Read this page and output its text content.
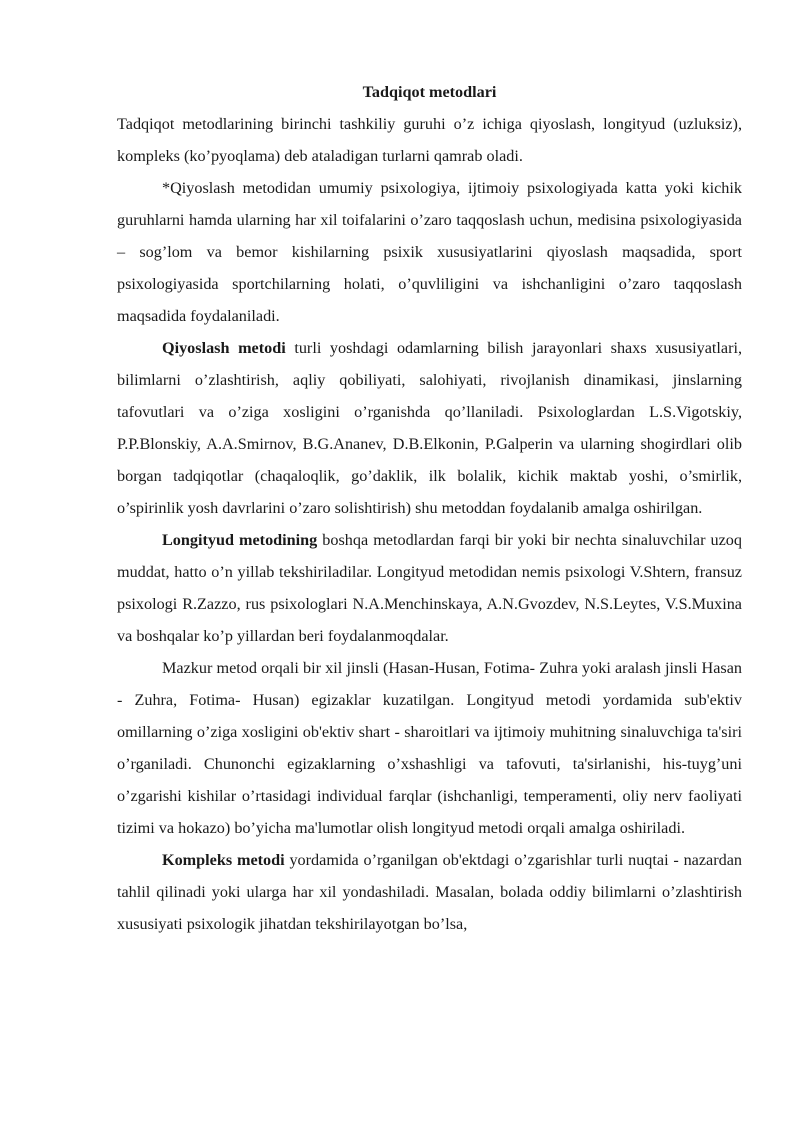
Tadqiqot metodlari

Tadqiqot metodlarining birinchi tashkiliy guruhi o’z ichiga qiyoslash, longityud (uzluksiz), kompleks (ko’pyoqlama) deb ataladigan turlarni qamrab oladi.

*Qiyoslash metodidan umumiy psixologiya, ijtimoiy psixologiyada katta yoki kichik guruhlarni hamda ularning har xil toifalarini o’zaro taqqoslash uchun, medisina psixologiyasida – sog’lom va bemor kishilarning psixik xususiyatlarini qiyoslash maqsadida, sport psixologiyasida sportchilarning holati, o’quvliligini va ishchanligini o’zaro taqqoslash maqsadida foydalaniladi.

Qiyoslash metodi turli yoshdagi odamlarning bilish jarayonlari shaxs xususiyatlari, bilimlarni o’zlashtirish, aqliy qobiliyati, salohiyati, rivojlanish dinamikasi, jinslarning tafovutlari va o’ziga xosligini o’rganishda qo’llaniladi. Psixologlardan L.S.Vigotskiy, P.P.Blonskiy, A.A.Smirnov, B.G.Ananev, D.B.Elkonin, P.Galperin va ularning shogirdlari olib borgan tadqiqotlar (chaqaloqlik, go’daklik, ilk bolalik, kichik maktab yoshi, o’smirlik, o’spirinlik yosh davrlarini o’zaro solishtirish) shu metoddan foydalanib amalga oshirilgan.

Longityud metodining boshqa metodlardan farqi bir yoki bir nechta sinaluvchilar uzoq muddat, hatto o’n yillab tekshiriladilar. Longityud metodidan nemis psixologi V.Shtern, fransuz psixologi R.Zazzo, rus psixologlari N.A.Menchinskaya, A.N.Gvozdev, N.S.Leytes, V.S.Muxina va boshqalar ko’p yillardan beri foydalanmoqdalar.

Mazkur metod orqali bir xil jinsli (Hasan-Husan, Fotima- Zuhra yoki aralash jinsli Hasan - Zuhra, Fotima- Husan) egizaklar kuzatilgan. Longityud metodi yordamida sub'ektiv omillarning o’ziga xosligini ob'ektiv shart - sharoitlari va ijtimoiy muhitning sinaluvchiga ta'siri o’rganiladi. Chunonchi egizaklarning o’xshashligi va tafovuti, ta'sirlanishi, his-tuyg’uni o’zgarishi kishilar o’rtasidagi individual farqlar (ishchanligi, temperamenti, oliy nerv faoliyati tizimi va hokazo) bo’yicha ma'lumotlar olish longityud metodi orqali amalga oshiriladi.

Kompleks metodi yordamida o’rganilgan ob'ektdagi o’zgarishlar turli nuqtai - nazardan tahlil qilinadi yoki ularga har xil yondashiladi. Masalan, bolada oddiy bilimlarni o’zlashtirish xususiyati psixologik jihatdan tekshirilayotgan bo’lsa,
